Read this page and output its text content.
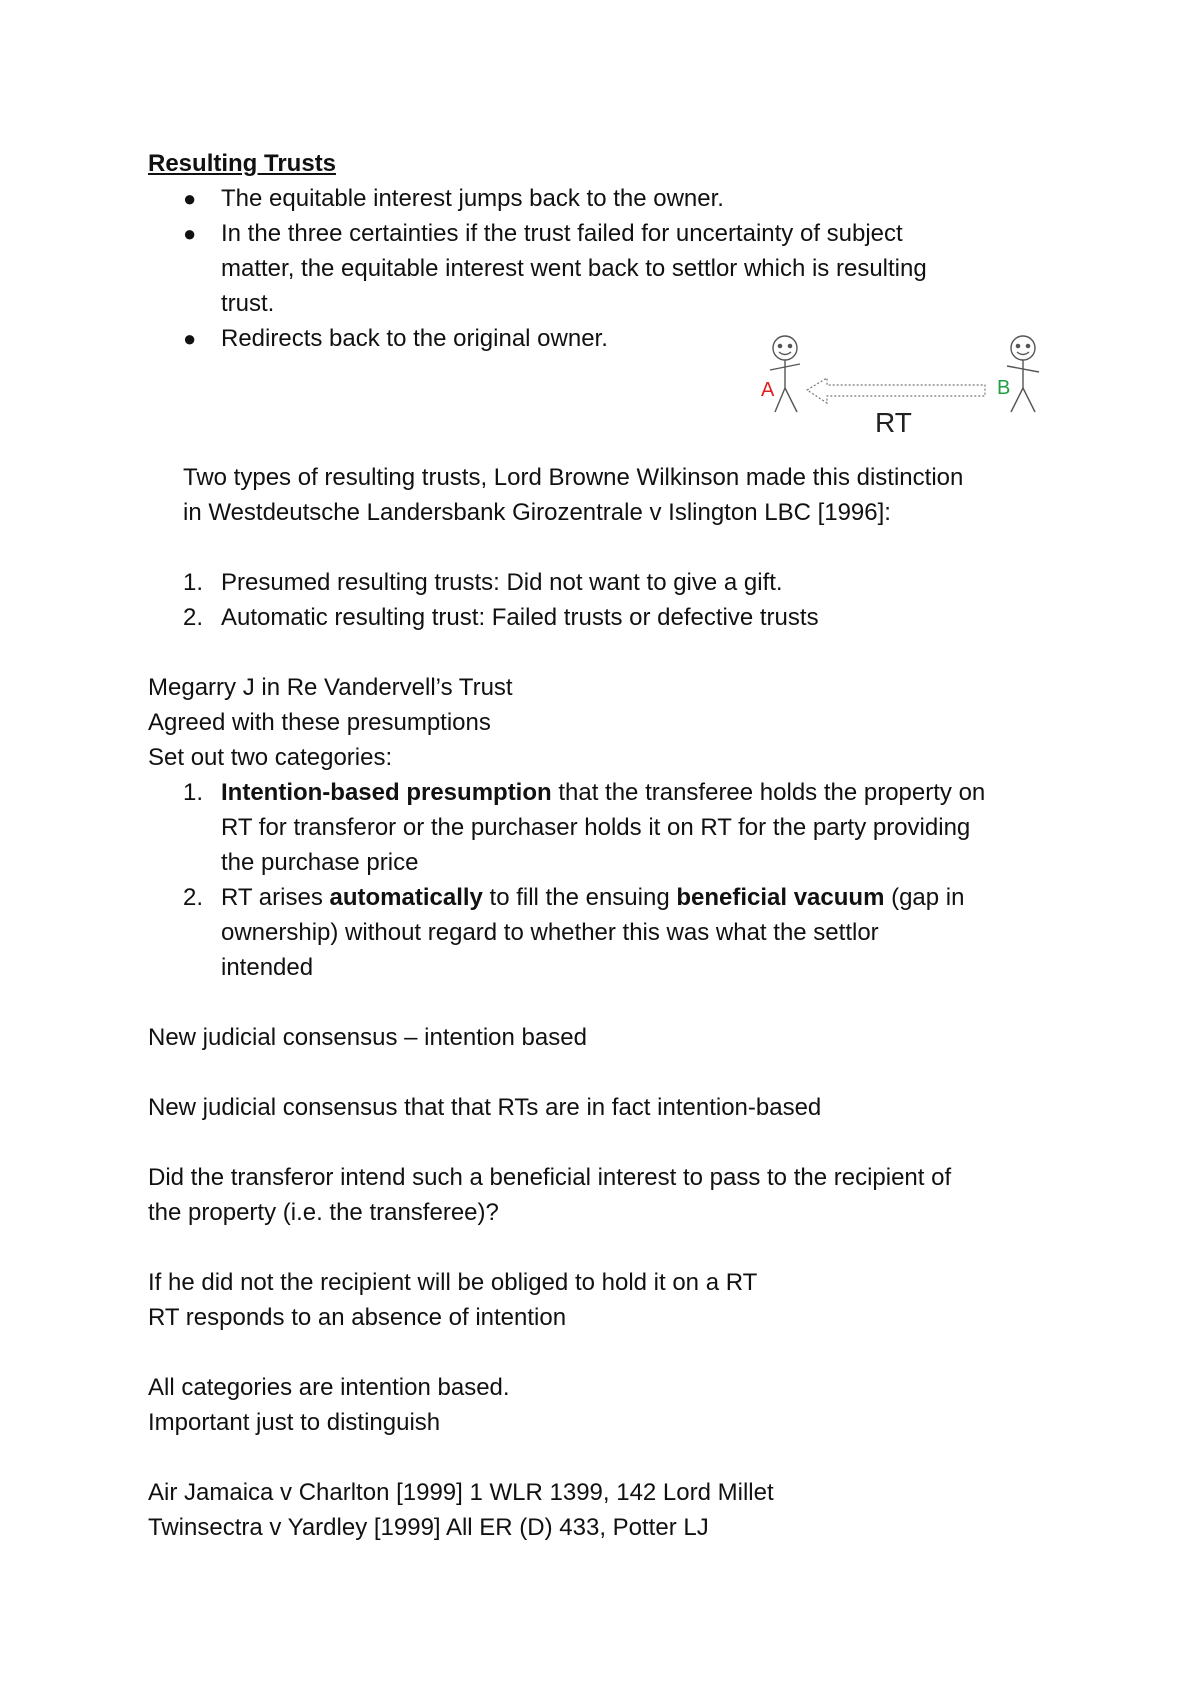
Resulting Trusts
● The equitable interest jumps back to the owner.
● In the three certainties if the trust failed for uncertainty of subject
matter, the equitable interest went back to settlor which is resulting
trust.
● Redirects back to the original owner.
A	B
RT
Two types of resulting trusts, Lord Browne Wilkinson made this distinction
in Westdeutsche Landersbank Girozentrale v Islington LBC [1996]:
1. Presumed resulting trusts: Did not want to give a gift.
2. Automatic resulting trust: Failed trusts or defective trusts
Megarry J in Re Vandervell’s Trust
Agreed with these presumptions
Set out two categories:
1. Intention-based presumption that the transferee holds the property on
RT for transferor or the purchaser holds it on RT for the party providing
the purchase price
2. RT arises automatically to fill the ensuing beneficial vacuum (gap in
ownership) without regard to whether this was what the settlor
intended
New judicial consensus – intention based
New judicial consensus that that RTs are in fact intention-based
Did the transferor intend such a beneficial interest to pass to the recipient of
the property (i.e. the transferee)?
If he did not the recipient will be obliged to hold it on a RT
RT responds to an absence of intention
All categories are intention based.
Important just to distinguish
Air Jamaica v Charlton [1999] 1 WLR 1399, 142 Lord Millet
Twinsectra v Yardley [1999] All ER (D) 433, Potter LJ
